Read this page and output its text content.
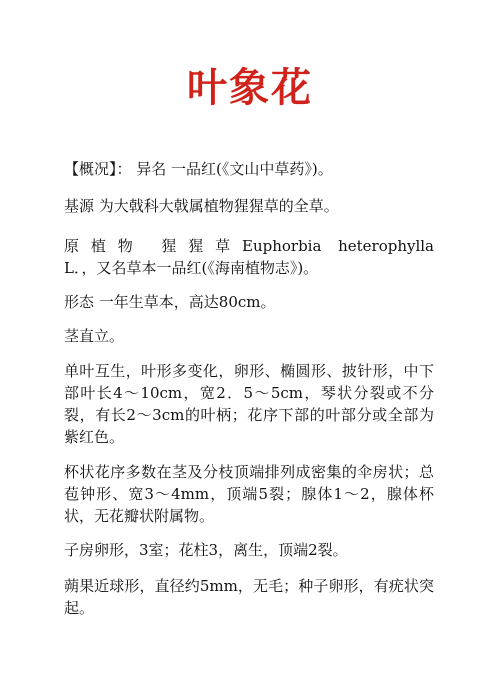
叶象花

【概况】： 异名 一品红(《文山中草药》)。

基源 为大戟科大戟属植物猩猩草的全草。

原植物 猩猩草Euphorbia heterophylla
L．，又名草本一品红(《海南植物志》)。

形态 一年生草本，高达80cm。

茎直立。

单叶互生，叶形多变化，卵形、椭圆形、披针形，中下部叶长4～10cm，宽2．5～5cm，琴状分裂或不分裂，有长2～3cm的叶柄；花序下部的叶部分或全部为紫红色。

杯状花序多数在茎及分枝顶端排列成密集的伞房状；总苞钟形、宽3～4mm，顶端5裂；腺体1～2，腺体杯状，无花瓣状附属物。

子房卵形，3室；花柱3，离生，顶端2裂。

蒴果近球形，直径约5mm，无毛；种子卵形，有疣状突起。
